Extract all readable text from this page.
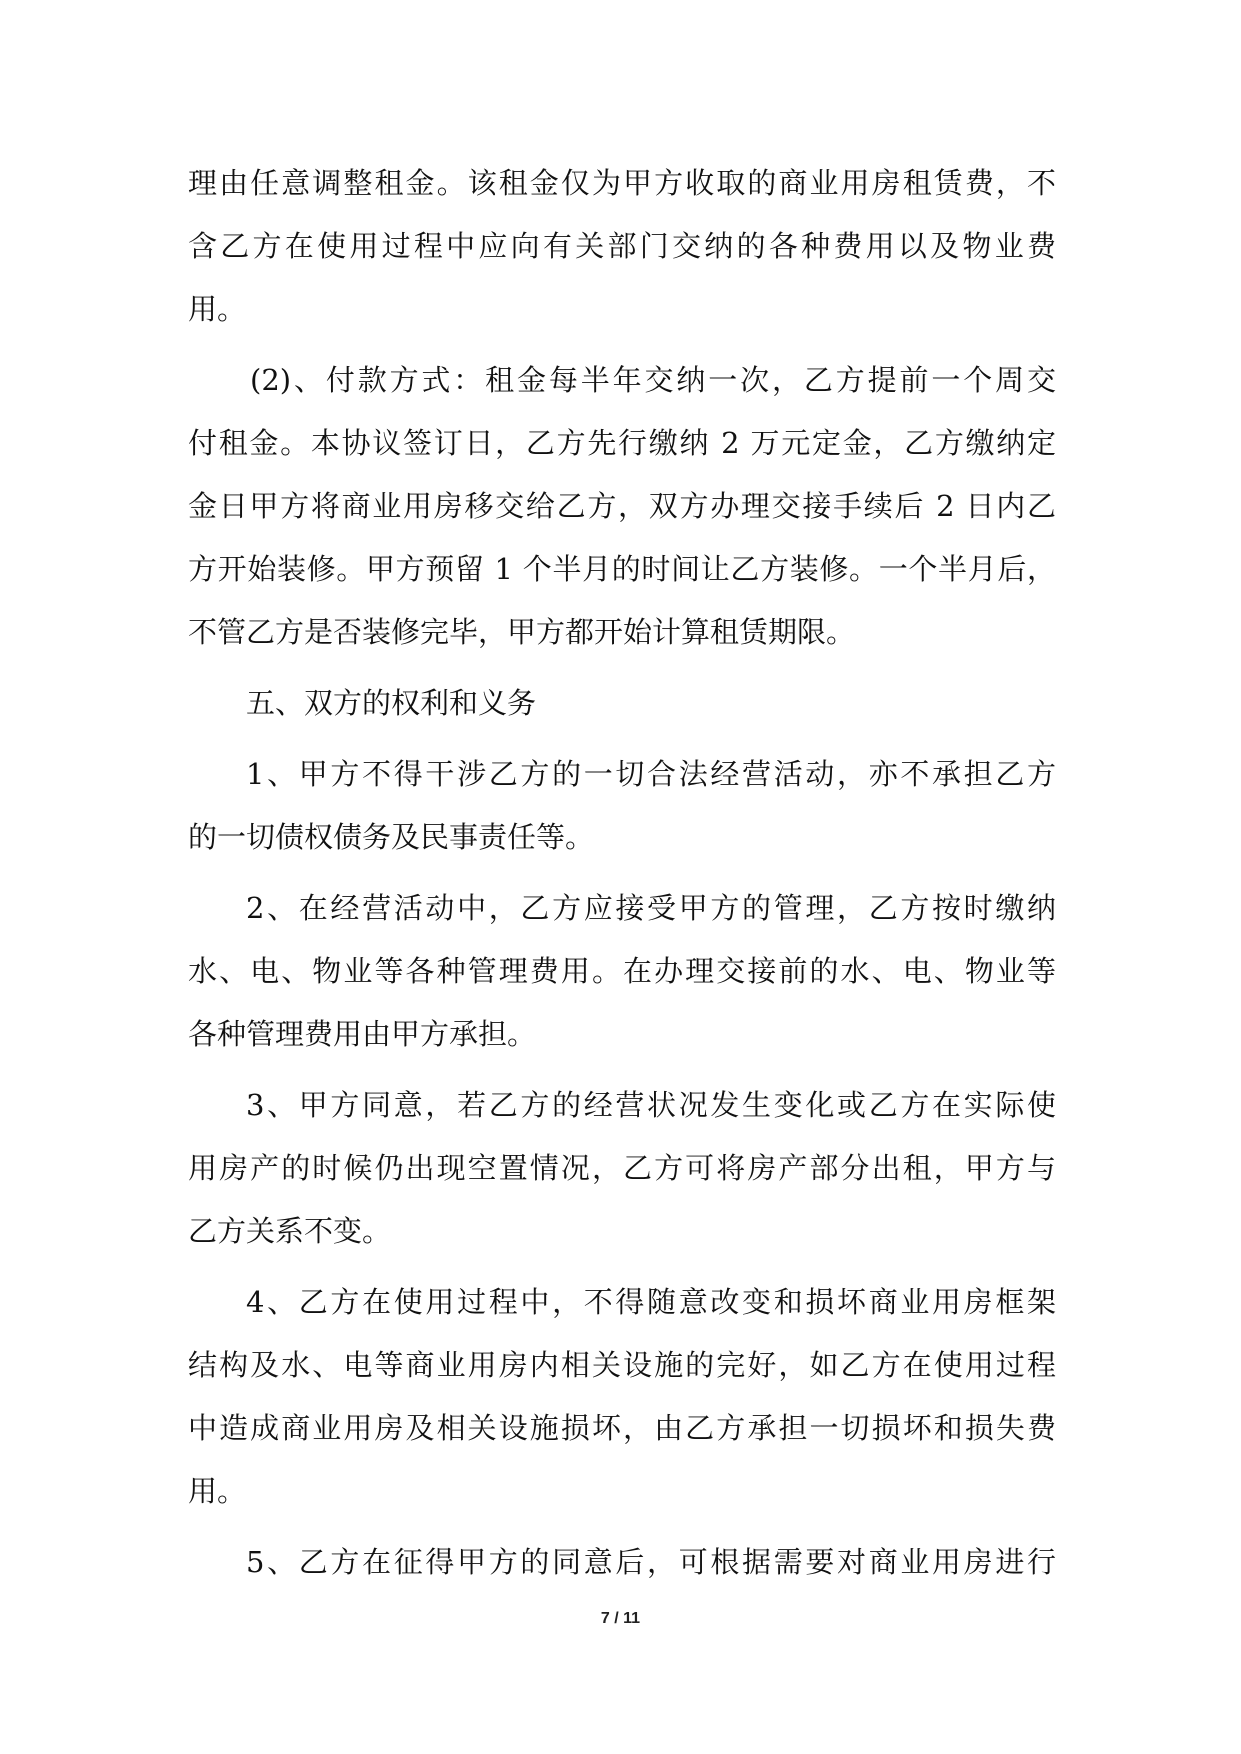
理由任意调整租金。该租金仅为甲方收取的商业用房租赁费，不
含乙方在使用过程中应向有关部门交纳的各种费用以及物业费
用。
(2)、付款方式：租金每半年交纳一次，乙方提前一个周交
付租金。本协议签订日，乙方先行缴纳 2 万元定金，乙方缴纳定
金日甲方将商业用房移交给乙方，双方办理交接手续后 2 日内乙
方开始装修。甲方预留 1 个半月的时间让乙方装修。一个半月后，
不管乙方是否装修完毕，甲方都开始计算租赁期限。
五、双方的权利和义务
1、甲方不得干涉乙方的一切合法经营活动，亦不承担乙方
的一切债权债务及民事责任等。
2、在经营活动中，乙方应接受甲方的管理，乙方按时缴纳
水、电、物业等各种管理费用。在办理交接前的水、电、物业等
各种管理费用由甲方承担。
3、甲方同意，若乙方的经营状况发生变化或乙方在实际使
用房产的时候仍出现空置情况，乙方可将房产部分出租，甲方与
乙方关系不变。
4、乙方在使用过程中，不得随意改变和损坏商业用房框架
结构及水、电等商业用房内相关设施的完好，如乙方在使用过程
中造成商业用房及相关设施损坏，由乙方承担一切损坏和损失费
用。
5、乙方在征得甲方的同意后，可根据需要对商业用房进行
7 / 11
